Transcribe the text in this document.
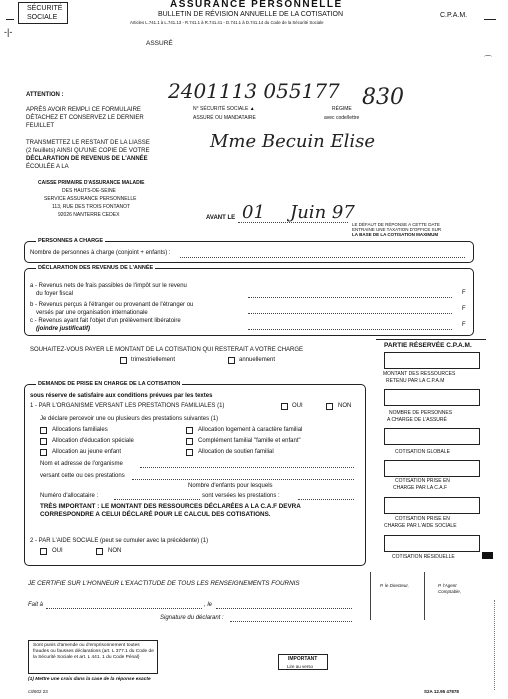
-|-
SÉCURITÉ
SOCIALE
ASSURANCE PERSONNELLE
BULLETIN DE RÉVISION ANNUELLE DE LA COTISATION
Articles L.741.1 à L.741.13 - R.741.1 à R.741.41 - D.741.1 à D.741.14 du Code de la Sécurité Sociale
C.P.A.M.
ASSURÉ
⌒
ATTENTION :
APRÈS AVOIR REMPLI CE FORMULAIRE
DÉTACHEZ ET CONSERVEZ LE DERNIER
FEUILLET
TRANSMETTEZ LE RESTANT DE LA LIASSE
(2 feuillets) AINSI QU'UNE COPIE DE VOTRE
DÉCLARATION DE REVENUS DE L'ANNÉE
ÉCOULÉE A LA
CAISSE PRIMAIRE D'ASSURANCE MALADIE
DES HAUTS-DE-SEINE
SERVICE ASSURANCE PERSONNELLE
113, RUE DES TROIS FONTANOT
92026 NANTERRE CEDEX
2401113 055177 830
N° SÉCURITÉ SOCIALE ▲
ASSURÉ OU MANDATAIRE
RÉGIME
avec code/lettre
Mme Becuin Elise
AVANT LE 01 Juin 97
LE DÉFAUT DE RÉPONSE A CETTE DATE
ENTRAINE UNE TAXATION D'OFFICE SUR
LA BASE DE LA COTISATION MAXIMUM
PERSONNES A CHARGE
Nombre de personnes à charge (conjoint + enfants) :
DÉCLARATION DES REVENUS DE L'ANNÉE
a - Revenus nets de frais passibles de l'impôt sur le revenu
du foyer fiscal
b - Revenus perçus à l'étranger ou provenant de l'étranger ou
versés par une organisation internationale
c - Revenus ayant fait l'objet d'un prélèvement libératoire
(joindre justificatif)
F
F
F
SOUHAITEZ-VOUS PAYER LE MONTANT DE LA COTISATION QUI RESTERAIT A VOTRE CHARGE
trimestriellement	annuellement
DEMANDE DE PRISE EN CHARGE DE LA COTISATION
sous réserve de satisfaire aux conditions prévues par les textes
1 - PAR L'ORGANISME VERSANT LES PRESTATIONS FAMILIALES (1)	OUI	NON
Je déclare percevoir une ou plusieurs des prestations suivantes (1)
Allocations familiales
Allocation d'éducation spéciale
Allocation au jeune enfant
Allocation logement à caractère familial
Complément familial "famille et enfant"
Allocation de soutien familial
Nom et adresse de l'organisme
versant cette ou ces prestations
Nombre d'enfants pour lesquels
Numéro d'allocataire :	sont versées les prestations :
TRÈS IMPORTANT : LE MONTANT DES RESSOURCES DÉCLARÉES A LA C.A.F DEVRA
CORRESPONDRE A CELUI DÉCLARÉ POUR LE CALCUL DES COTISATIONS.
2 - PAR L'AIDE SOCIALE (peut se cumuler avec la précédente) (1)
OUI	NON
PARTIE RÉSERVÉE C.P.A.M.
MONTANT DES RESSOURCES
RETENU PAR LA C.P.A.M
NOMBRE DE PERSONNES
A CHARGE DE L'ASSURÉ
COTISATION GLOBALE
COTISATION PRISE EN
CHARGE PAR LA C.A.F
COTISATION PRISE EN
CHARGE PAR L'AIDE SOCIALE
COTISATION RÉSIDUELLE
JE CERTIFIE SUR L'HONNEUR L'EXACTITUDE DE TOUS LES RENSEIGNEMENTS FOURNIS	P. le Directeur,	P. l'Agent
Comptable,
Fait à	, le
Signature du déclarant :
Sont punis d'amende ou d'emprisonnement toutes fraudes ou fausses déclarations (art. L 377.1 du Code de la Sécurité Sociale et art. L 441. 1 du Code Pénal)	IMPORTANT
Lire au verso
(1) Mettre une croix dans la case de la réponse exacte
c3/602 23	S2A 12.95 47878
